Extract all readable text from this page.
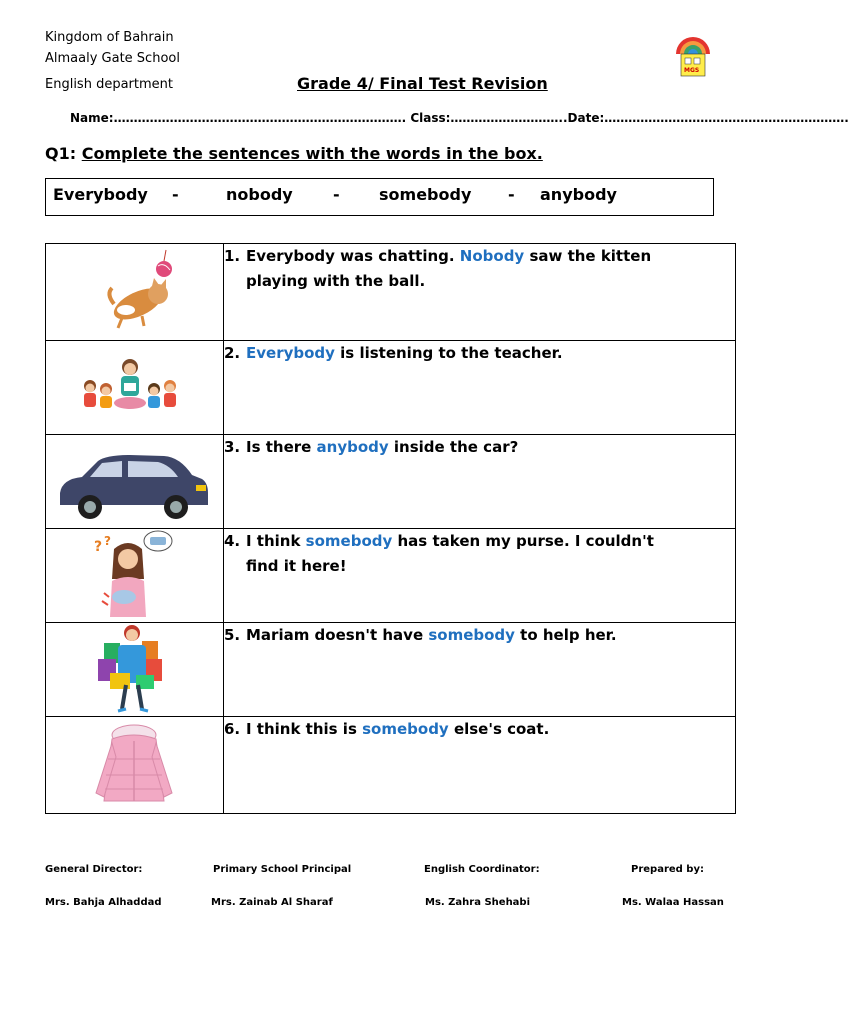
Kingdom of Bahrain
Almaaly Gate School
English department	Grade 4/ Final Test Revision
MGS
Name:………………………………………………………………. Class:………………………..Date:…………………………………………………….
Q1: Complete the sentences with the words in the box.
Everybody -	nobody	- somebody - anybody
	1. Everybody was chatting. Nobody saw the kitten
playing with the ball.

	2. Everybody is listening to the teacher.

	3. Is there anybody inside the car?

? ?	4. I think somebody has taken my purse. I couldn't
find it here!

	5. Mariam doesn't have somebody to help her.

	6. I think this is somebody else's coat.
General Director:	Primary School Principal	English Coordinator:	Prepared by:
Mrs. Bahja Alhaddad	Mrs. Zainab Al Sharaf	Ms. Zahra Shehabi	Ms. Walaa Hassan
